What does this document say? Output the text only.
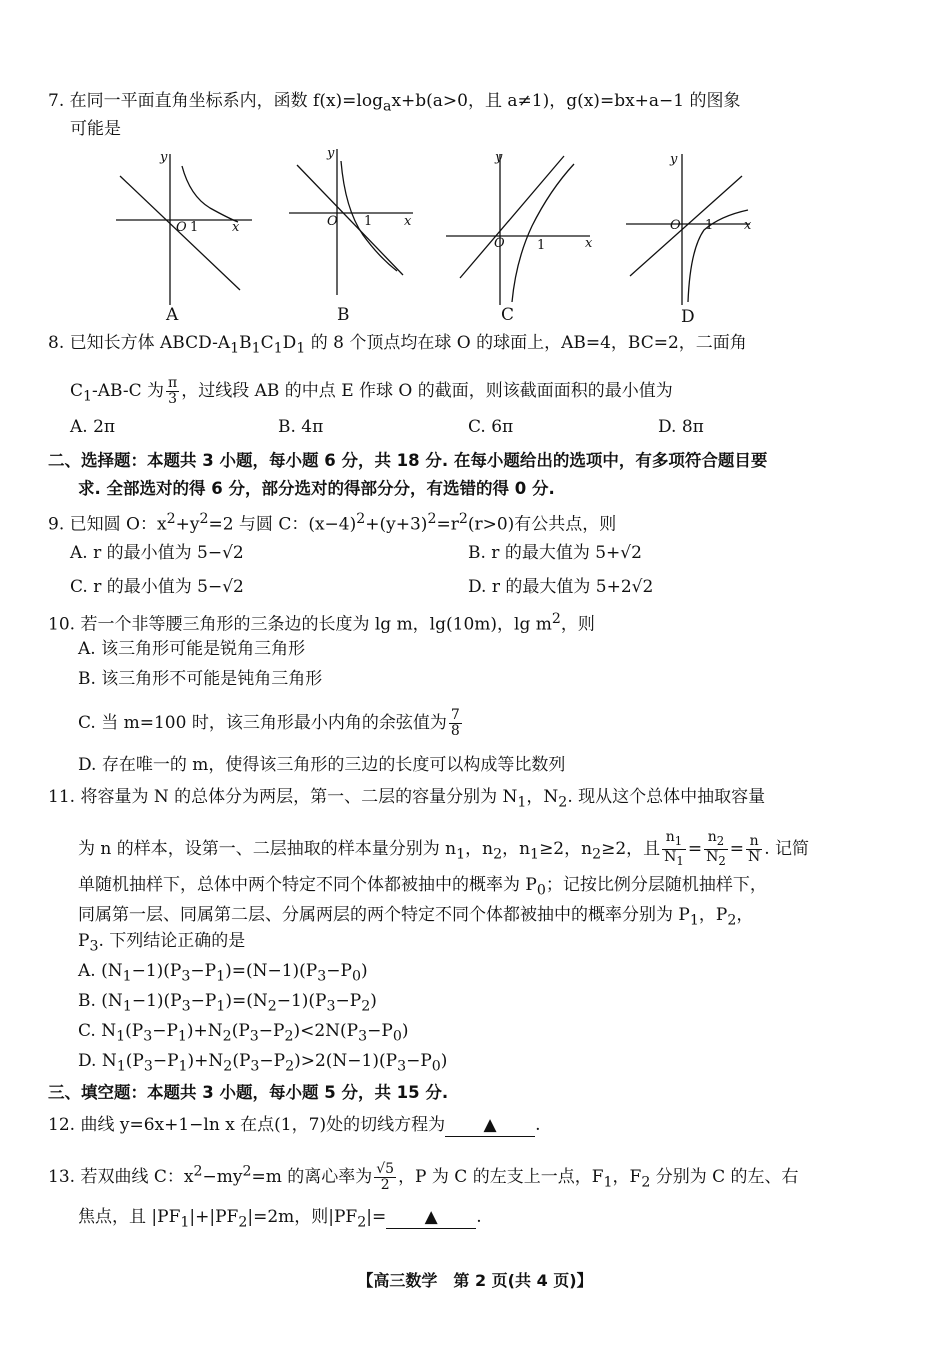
7. 在同一平面直角坐标系内，函数 $f(x)=\log_ax+b(a>0$，且 a≠1)，g(x)=bx+a−1 的图象
可能是
y
x
O 1
A
y
x
O 1
B
y
x
O 1
C
y
x
O 1
D
8. 已知长方体 ABCD-$A_1B_1C_1D_1$ 的 8 个顶点均在球 O 的球面上，AB=4，BC=2，二面角
$C_1-AB-C$ 为 $\frac{\pi}{3}$ ，过线段 AB 的中点 E 作球 O 的截面，则该截面面积的最小值为
A. 2π	B. 4π	C. 6π	D. 8π
二、选择题：本题共 3 小题，每小题 6 分，共 18 分. 在每小题给出的选项中，有多项符合题目要
求. 全部选对的得 6 分，部分选对的得部分分，有选错的得 0 分.
9. 已知圆 O：$x^2+y^2=2$ 与圆 C：$(x-4)^2+(y+3)^2=r^2(r>0)$有公共点，则
A. r 的最小值为 5−√2	B. r 的最大值为 5+√2
C. r 的最小值为 5−√2	D. r 的最大值为 5+2√2
10. 若一个非等腰三角形的三条边的长度为 lg m，lg(10m)，$\lg m^2$，则
A. 该三角形可能是锐角三角形
B. 该三角形不可能是钝角三角形
C. 当 m=100 时，该三角形最小内角的余弦值为 $\frac{7}{8}$
D. 存在唯一的 m，使得该三角形的三边的长度可以构成等比数列
11. 将容量为 N 的总体分为两层，第一、二层的容量分别为 $N_1$，$N_2$. 现从这个总体中抽取容量
为 n 的样本，设第一、二层抽取的样本量分别为 $n_1$，$n_2$，$n_1\ge 2$，$n_2\ge 2$，且 $\frac{n_1}{N_1} = \frac{n_2}{N_2} = \frac{n}{N}$ . 记简
单随机抽样下，总体中两个特定不同个体都被抽中的概率为 $P_0$；记按比例分层随机抽样下，
同属第一层、同属第二层、分属两层的两个特定不同个体都被抽中的概率分别为 $P_1$，$P_2$，
$P_3$. 下列结论正确的是
A. $(N_1-1)(P_3-P_1)=(N-1)(P_3-P_0)$
B. $(N_1-1)(P_3-P_1)=(N_2-1)(P_3-P_2)$
C. $N_1(P_3-P_1)+N_2(P_3-P_2)<2N(P_3-P_0)$
D. $N_1(P_3-P_1)+N_2(P_3-P_2)>2(N-1)(P_3-P_0)$
三、填空题：本题共 3 小题，每小题 5 分，共 15 分.
12. 曲线 y=6x+1−ln x 在点(1，7)处的切线方程为 ▲ .
13. 若双曲线 C：$x^2-my^2=m$ 的离心率为 $\frac{√5}{2}$ ，P 为 C 的左支上一点，$F_1$，$F_2$ 分别为 C 的左、右
焦点，且 $|PF_1|+|PF_2|=2m$，则$|PF_2|=$ ▲ .
【高三数学　第 2 页(共 4 页)】
